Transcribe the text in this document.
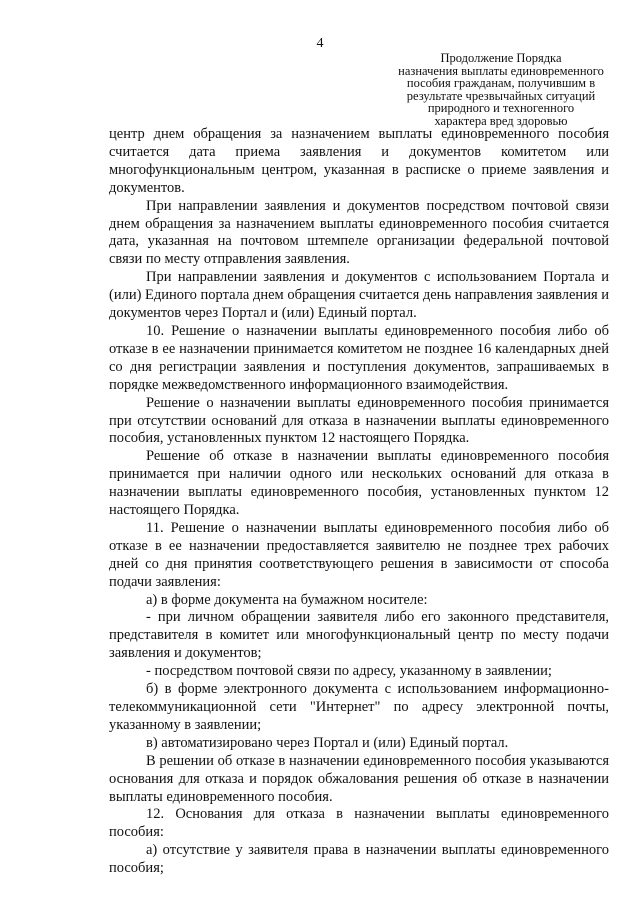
4
Продолжение Порядка
назначения выплаты единовременного
пособия гражданам, получившим в
результате чрезвычайных ситуаций
природного и техногенного
характера вред здоровью

центр днем обращения за назначением выплаты единовременного пособия считается дата приема заявления и документов комитетом или многофункциональным центром, указанная в расписке о приеме заявления и документов.

При направлении заявления и документов посредством почтовой связи днем обращения за назначением выплаты единовременного пособия считается дата, указанная на почтовом штемпеле организации федеральной почтовой связи по месту отправления заявления.

При направлении заявления и документов с использованием Портала и (или) Единого портала днем обращения считается день направления заявления и документов через Портал и (или) Единый портал.

10. Решение о назначении выплаты единовременного пособия либо об отказе в ее назначении принимается комитетом не позднее 16 календарных дней со дня регистрации заявления и поступления документов, запрашиваемых в порядке межведомственного информационного взаимодействия.

Решение о назначении выплаты единовременного пособия принимается при отсутствии оснований для отказа в назначении выплаты единовременного пособия, установленных пунктом 12 настоящего Порядка.

Решение об отказе в назначении выплаты единовременного пособия принимается при наличии одного или нескольких оснований для отказа в назначении выплаты единовременного пособия, установленных пунктом 12 настоящего Порядка.

11. Решение о назначении выплаты единовременного пособия либо об отказе в ее назначении предоставляется заявителю не позднее трех рабочих дней со дня принятия соответствующего решения в зависимости от способа подачи заявления:

а) в форме документа на бумажном носителе:

- при личном обращении заявителя либо его законного представителя, представителя в комитет или многофункциональный центр по месту подачи заявления и документов;

- посредством почтовой связи по адресу, указанному в заявлении;

б) в форме электронного документа с использованием информационно-телекоммуникационной сети "Интернет" по адресу электронной почты, указанному в заявлении;

в) автоматизировано через Портал и (или) Единый портал.

В решении об отказе в назначении единовременного пособия указываются основания для отказа и порядок обжалования решения об отказе в назначении выплаты единовременного пособия.

12. Основания для отказа в назначении выплаты единовременного пособия:

а) отсутствие у заявителя права в назначении выплаты единовременного пособия;
